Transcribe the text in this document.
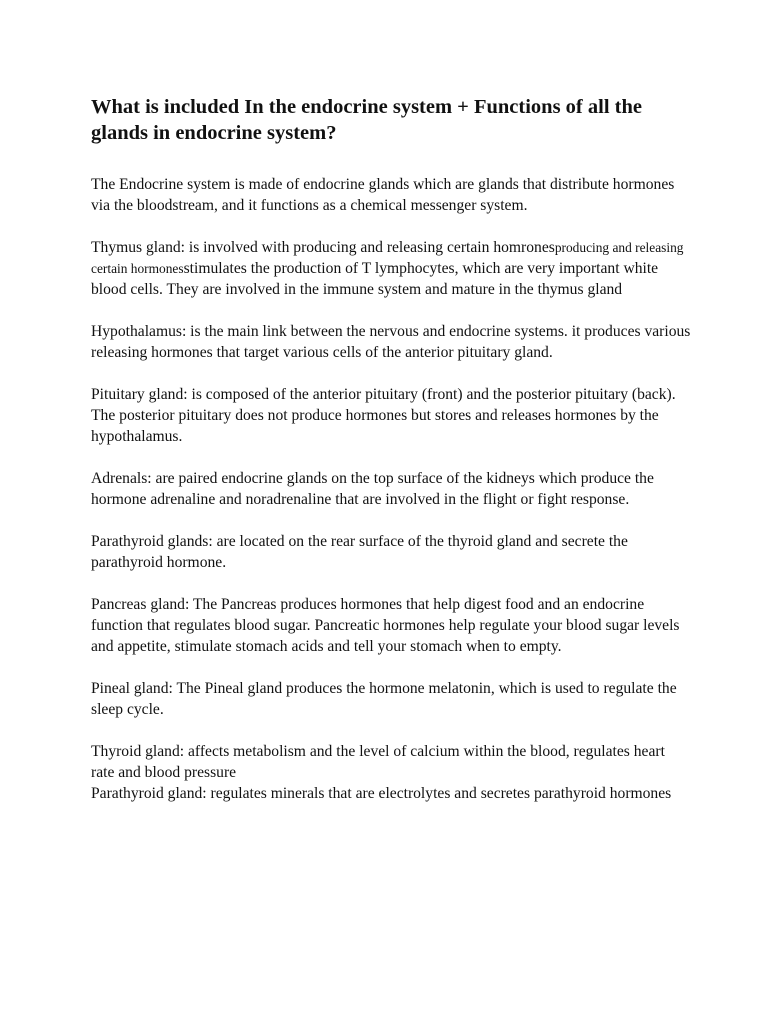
What is included In the endocrine system + Functions of all the glands in endocrine system?

The Endocrine system is made of endocrine glands which are glands that distribute hormones via the bloodstream, and it functions as a chemical messenger system.

Thymus gland: is involved with producing and releasing certain homronesproducing and releasing certain hormonesstimulates the production of T lymphocytes, which are very important white blood cells. They are involved in the immune system and mature in the thymus gland

Hypothalamus: is the main link between the nervous and endocrine systems. it produces various releasing hormones that target various cells of the anterior pituitary gland.

Pituitary gland: is composed of the anterior pituitary (front) and the posterior pituitary (back). The posterior pituitary does not produce hormones but stores and releases hormones by the hypothalamus.

Adrenals: are paired endocrine glands on the top surface of the kidneys which produce the hormone adrenaline and noradrenaline that are involved in the flight or fight response.

Parathyroid glands: are located on the rear surface of the thyroid gland and secrete the parathyroid hormone.

Pancreas gland: The Pancreas produces hormones that help digest food and an endocrine function that regulates blood sugar. Pancreatic hormones help regulate your blood sugar levels and appetite, stimulate stomach acids and tell your stomach when to empty.

Pineal gland: The Pineal gland produces the hormone melatonin, which is used to regulate the sleep cycle.

Thyroid gland: affects metabolism and the level of calcium within the blood, regulates heart rate and blood pressure

Parathyroid gland: regulates minerals that are electrolytes and secretes parathyroid hormones
